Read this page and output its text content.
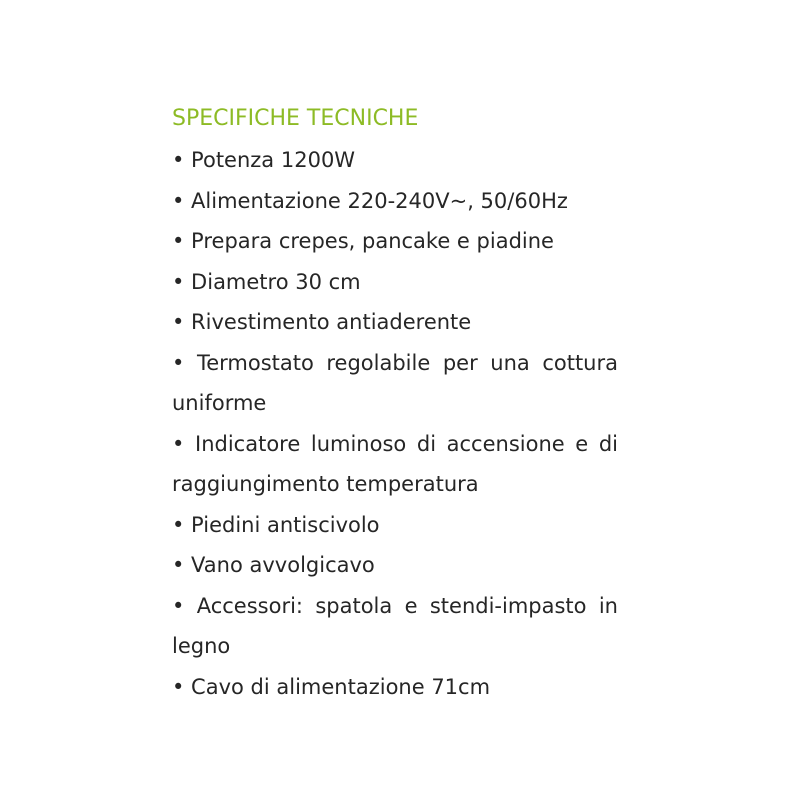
SPECIFICHE TECNICHE
• Potenza 1200W
• Alimentazione 220-240V~, 50/60Hz
• Prepara crepes, pancake e piadine
• Diametro 30 cm
• Rivestimento antiaderente
• Termostato regolabile per una cottura uniforme
• Indicatore luminoso di accensione e di raggiungimento temperatura
• Piedini antiscivolo
• Vano avvolgicavo
• Accessori: spatola e stendi-impasto in legno
• Cavo di alimentazione 71cm
